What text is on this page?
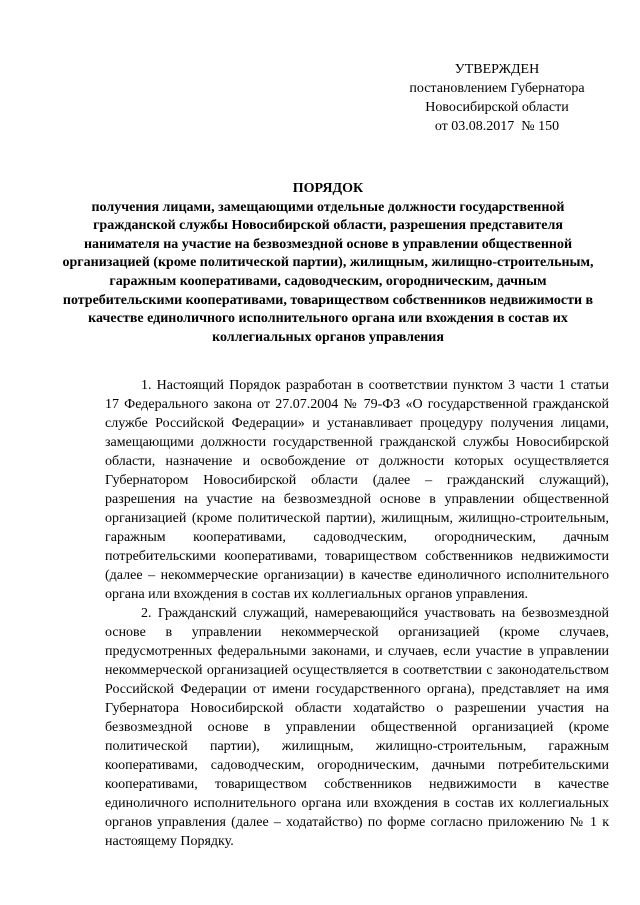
УТВЕРЖДЕН
постановлением Губернатора
Новосибирской области
от 03.08.2017  № 150
ПОРЯДОК
получения лицами, замещающими отдельные должности государственной гражданской службы Новосибирской области, разрешения представителя нанимателя на участие на безвозмездной основе в управлении общественной организацией (кроме политической партии), жилищным, жилищно-строительным, гаражным кооперативами, садоводческим, огородническим, дачным потребительскими кооперативами, товариществом собственников недвижимости в качестве единоличного исполнительного органа или вхождения в состав их коллегиальных органов управления

1. Настоящий Порядок разработан в соответствии пунктом 3 части 1 статьи 17 Федерального закона от 27.07.2004 № 79-ФЗ «О государственной гражданской службе Российской Федерации» и устанавливает процедуру получения лицами, замещающими должности государственной гражданской службы Новосибирской области, назначение и освобождение от должности которых осуществляется Губернатором Новосибирской области (далее – гражданский служащий), разрешения на участие на безвозмездной основе в управлении общественной организацией (кроме политической партии), жилищным, жилищно-строительным, гаражным кооперативами, садоводческим, огородническим, дачным потребительскими кооперативами, товариществом собственников недвижимости (далее – некоммерческие организации) в качестве единоличного исполнительного органа или вхождения в состав их коллегиальных органов управления.

2. Гражданский служащий, намеревающийся участвовать на безвозмездной основе в управлении некоммерческой организацией (кроме случаев, предусмотренных федеральными законами, и случаев, если участие в управлении некоммерческой организацией осуществляется в соответствии с законодательством Российской Федерации от имени государственного органа), представляет на имя Губернатора Новосибирской области ходатайство о разрешении участия на безвозмездной основе в управлении общественной организацией (кроме политической партии), жилищным, жилищно-строительным, гаражным кооперативами, садоводческим, огородническим, дачными потребительскими кооперативами, товариществом собственников недвижимости в качестве единоличного исполнительного органа или вхождения в состав их коллегиальных органов управления (далее – ходатайство) по форме согласно приложению № 1 к настоящему Порядку.
